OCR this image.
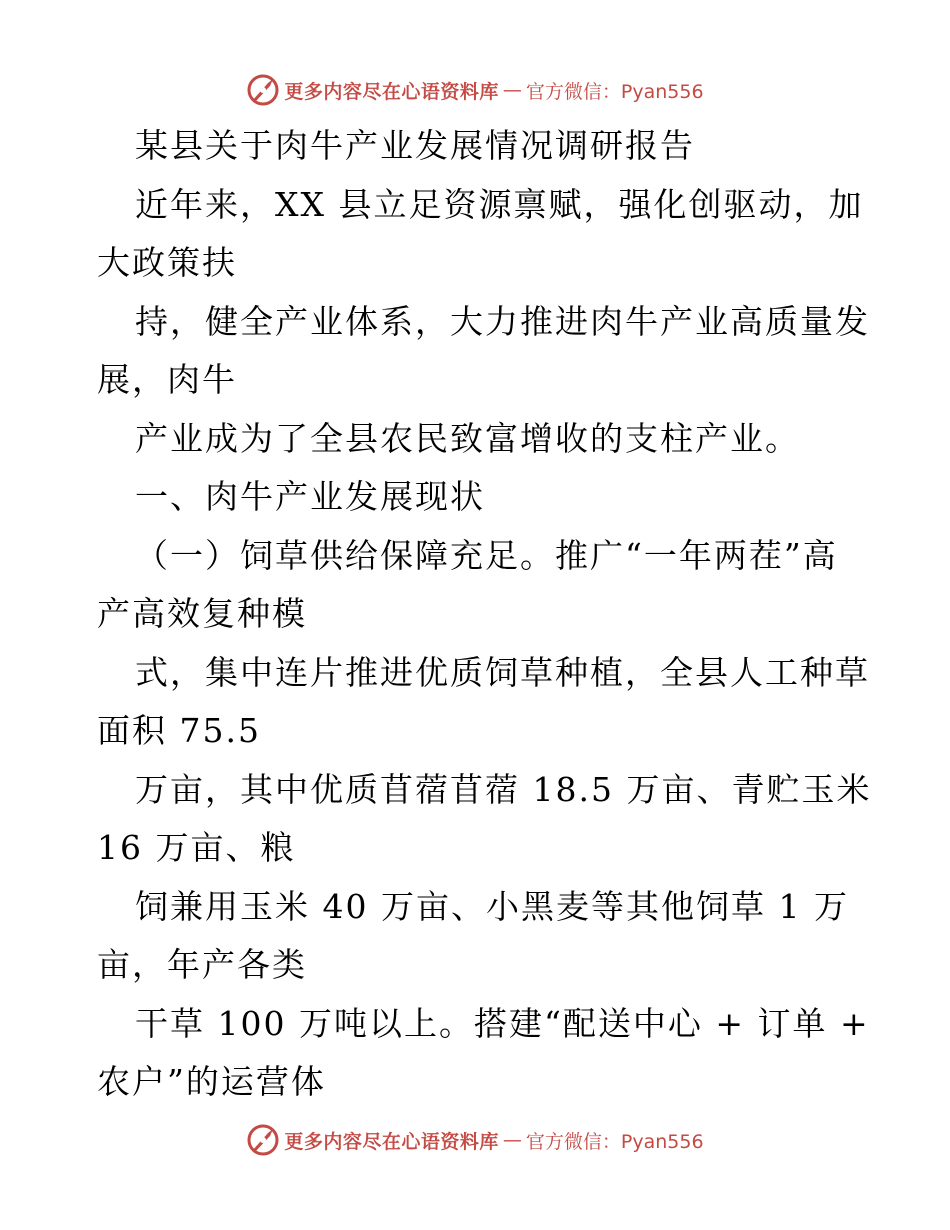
更多内容尽在心语资料库 — 官方微信：Pyan556
某县关于肉牛产业发展情况调研报告
近年来，XX 县立足资源禀赋，强化创驱动，加
大政策扶
持，健全产业体系，大力推进肉牛产业高质量发
展，肉牛
产业成为了全县农民致富增收的支柱产业。
一、肉牛产业发展现状
（一）饲草供给保障充足。推广“一年两茬”高
产高效复种模
式，集中连片推进优质饲草种植，全县人工种草
面积 75.5
万亩，其中优质苜蓿苜蓿 18.5 万亩、青贮玉米
16 万亩、粮
饲兼用玉米 40 万亩、小黑麦等其他饲草 1 万
亩，年产各类
干草 100 万吨以上。搭建“配送中心 + 订单 +
农户”的运营体
更多内容尽在心语资料库 — 官方微信：Pyan556
